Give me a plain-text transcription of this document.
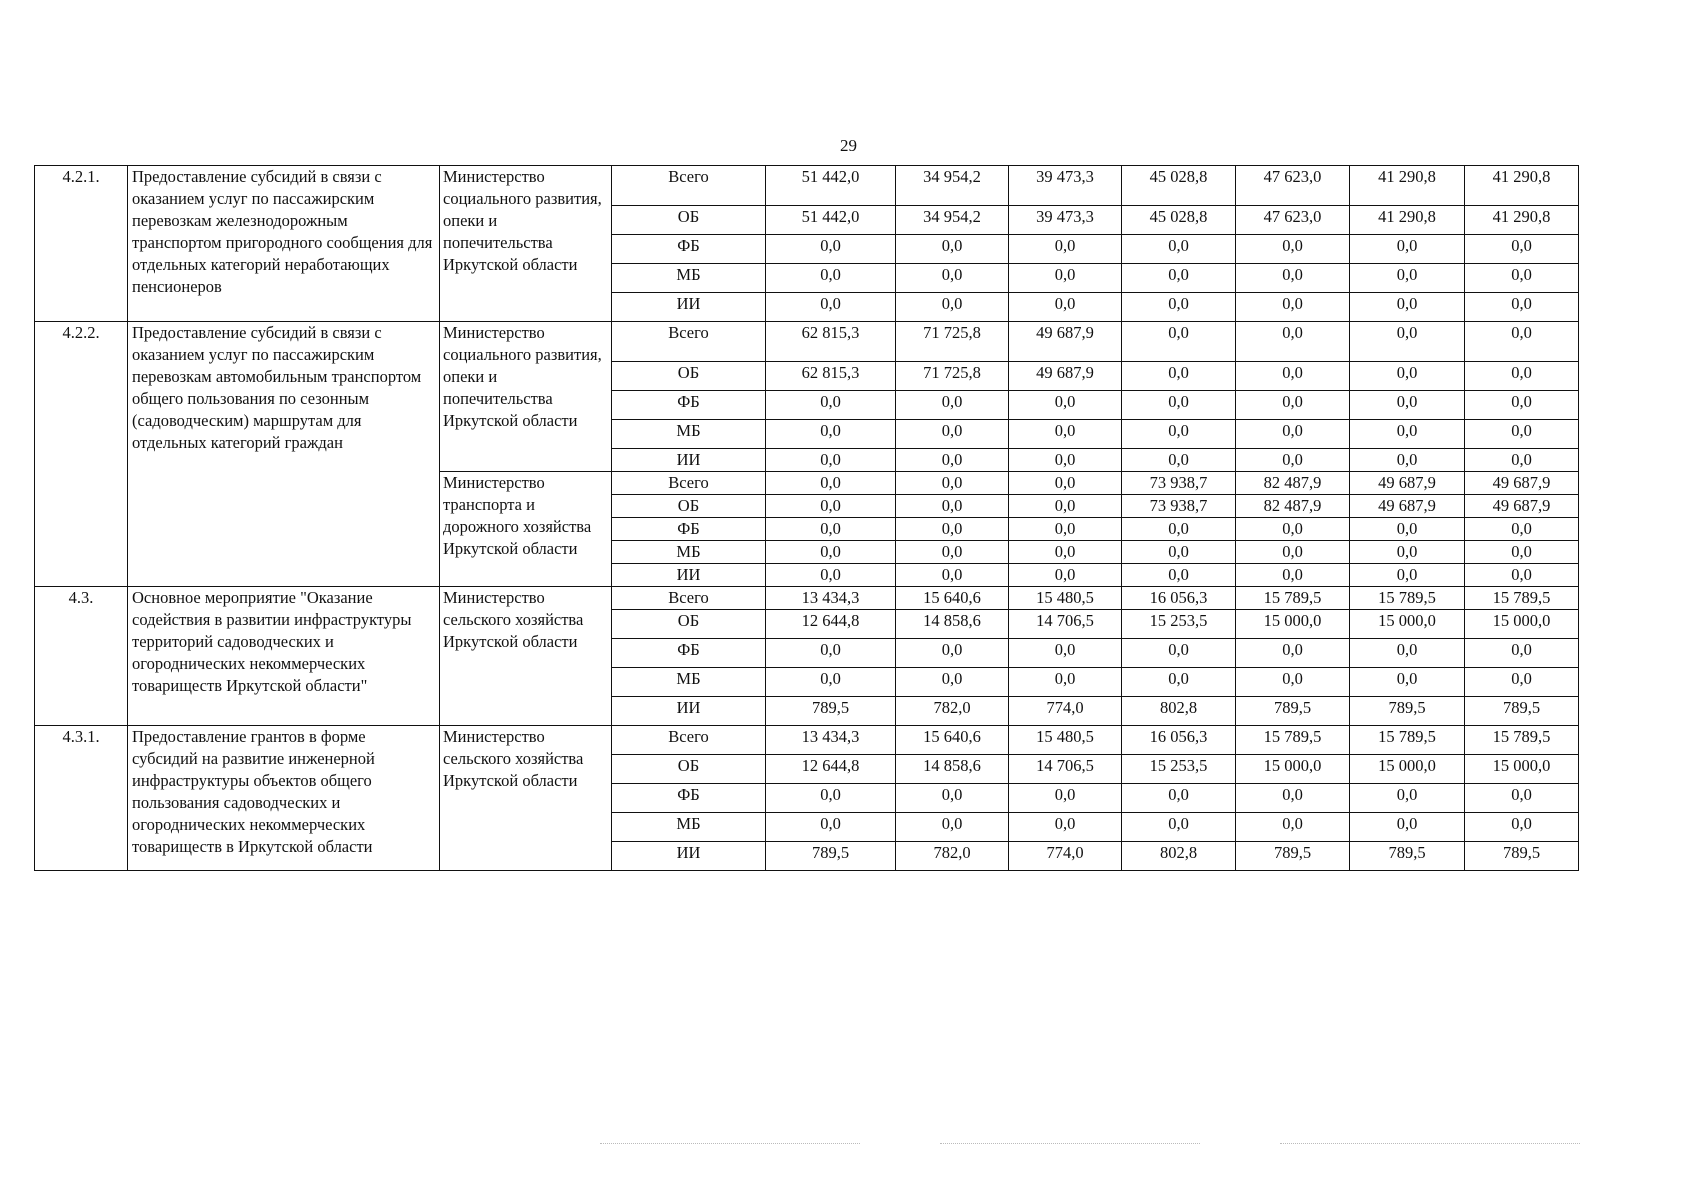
29
4.2.1.	Предоставление субсидий в связи с оказанием услуг по пассажирским перевозкам железнодорожным транспортом пригородного сообщения для отдельных категорий неработающих пенсионеров	Министерство социального развития, опеки и попечительства Иркутской области	Всего	51 442,0	34 954,2	39 473,3	45 028,8	47 623,0	41 290,8	41 290,8
			ОБ	51 442,0	34 954,2	39 473,3	45 028,8	47 623,0	41 290,8	41 290,8
			ФБ	0,0	0,0	0,0	0,0	0,0	0,0	0,0
			МБ	0,0	0,0	0,0	0,0	0,0	0,0	0,0
			ИИ	0,0	0,0	0,0	0,0	0,0	0,0	0,0
4.2.2.	Предоставление субсидий в связи с оказанием услуг по пассажирским перевозкам автомобильным транспортом общего пользования по сезонным (садоводческим) маршрутам для отдельных категорий граждан	Министерство социального развития, опеки и попечительства Иркутской области	Всего	62 815,3	71 725,8	49 687,9	0,0	0,0	0,0	0,0
			ОБ	62 815,3	71 725,8	49 687,9	0,0	0,0	0,0	0,0
			ФБ	0,0	0,0	0,0	0,0	0,0	0,0	0,0
			МБ	0,0	0,0	0,0	0,0	0,0	0,0	0,0
			ИИ	0,0	0,0	0,0	0,0	0,0	0,0	0,0
		Министерство транспорта и дорожного хозяйства Иркутской области	Всего	0,0	0,0	0,0	73 938,7	82 487,9	49 687,9	49 687,9
			ОБ	0,0	0,0	0,0	73 938,7	82 487,9	49 687,9	49 687,9
			ФБ	0,0	0,0	0,0	0,0	0,0	0,0	0,0
			МБ	0,0	0,0	0,0	0,0	0,0	0,0	0,0
			ИИ	0,0	0,0	0,0	0,0	0,0	0,0	0,0
4.3.	Основное мероприятие "Оказание содействия в развитии инфраструктуры территорий садоводческих и огороднических некоммерческих товариществ Иркутской области"	Министерство сельского хозяйства Иркутской области	Всего	13 434,3	15 640,6	15 480,5	16 056,3	15 789,5	15 789,5	15 789,5
			ОБ	12 644,8	14 858,6	14 706,5	15 253,5	15 000,0	15 000,0	15 000,0
			ФБ	0,0	0,0	0,0	0,0	0,0	0,0	0,0
			МБ	0,0	0,0	0,0	0,0	0,0	0,0	0,0
			ИИ	789,5	782,0	774,0	802,8	789,5	789,5	789,5
4.3.1.	Предоставление грантов в форме субсидий на развитие инженерной инфраструктуры объектов общего пользования садоводческих и огороднических некоммерческих товариществ в Иркутской области	Министерство сельского хозяйства Иркутской области	Всего	13 434,3	15 640,6	15 480,5	16 056,3	15 789,5	15 789,5	15 789,5
			ОБ	12 644,8	14 858,6	14 706,5	15 253,5	15 000,0	15 000,0	15 000,0
			ФБ	0,0	0,0	0,0	0,0	0,0	0,0	0,0
			МБ	0,0	0,0	0,0	0,0	0,0	0,0	0,0
			ИИ	789,5	782,0	774,0	802,8	789,5	789,5	789,5
